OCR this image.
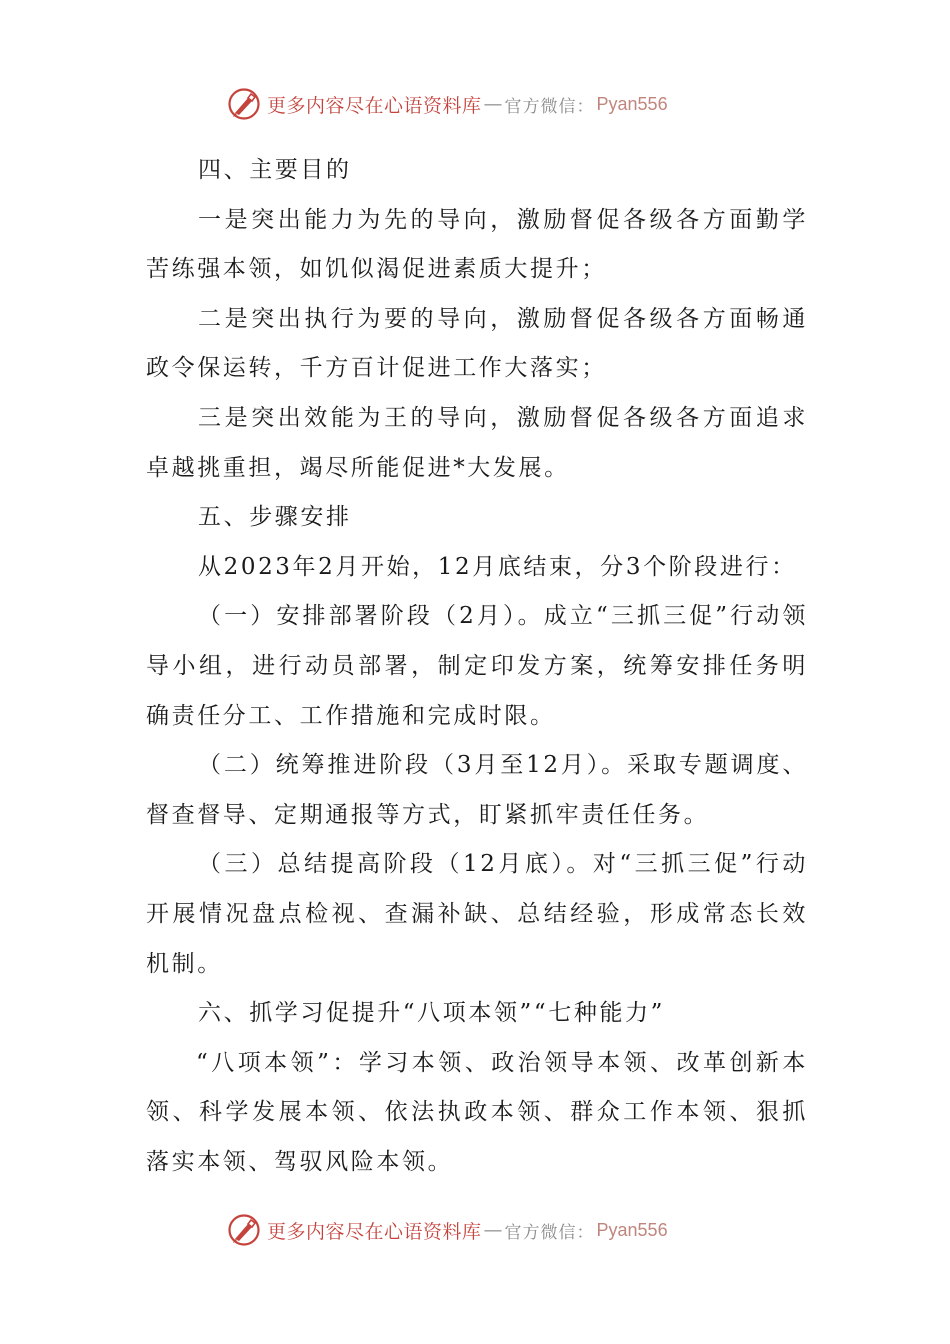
更多内容尽在心语资料库 — 官方微信： Pyan556

四、主要目的

一是突出能力为先的导向，激励督促各级各方面勤学苦练强本领，如饥似渴促进素质大提升；

二是突出执行为要的导向，激励督促各级各方面畅通政令保运转，千方百计促进工作大落实；

三是突出效能为王的导向，激励督促各级各方面追求卓越挑重担，竭尽所能促进*大发展。

五、步骤安排

从2023年2月开始，12月底结束，分3个阶段进行：

（一）安排部署阶段（2月）。成立“三抓三促”行动领导小组，进行动员部署，制定印发方案，统筹安排任务明确责任分工、工作措施和完成时限。

（二）统筹推进阶段（3月至12月）。采取专题调度、督查督导、定期通报等方式，盯紧抓牢责任任务。

（三）总结提高阶段（12月底）。对“三抓三促”行动开展情况盘点检视、查漏补缺、总结经验，形成常态长效机制。

六、抓学习促提升“八项本领”“七种能力”

“八项本领”：学习本领、政治领导本领、改革创新本领、科学发展本领、依法执政本领、群众工作本领、狠抓落实本领、驾驭风险本领。

更多内容尽在心语资料库 — 官方微信： Pyan556
